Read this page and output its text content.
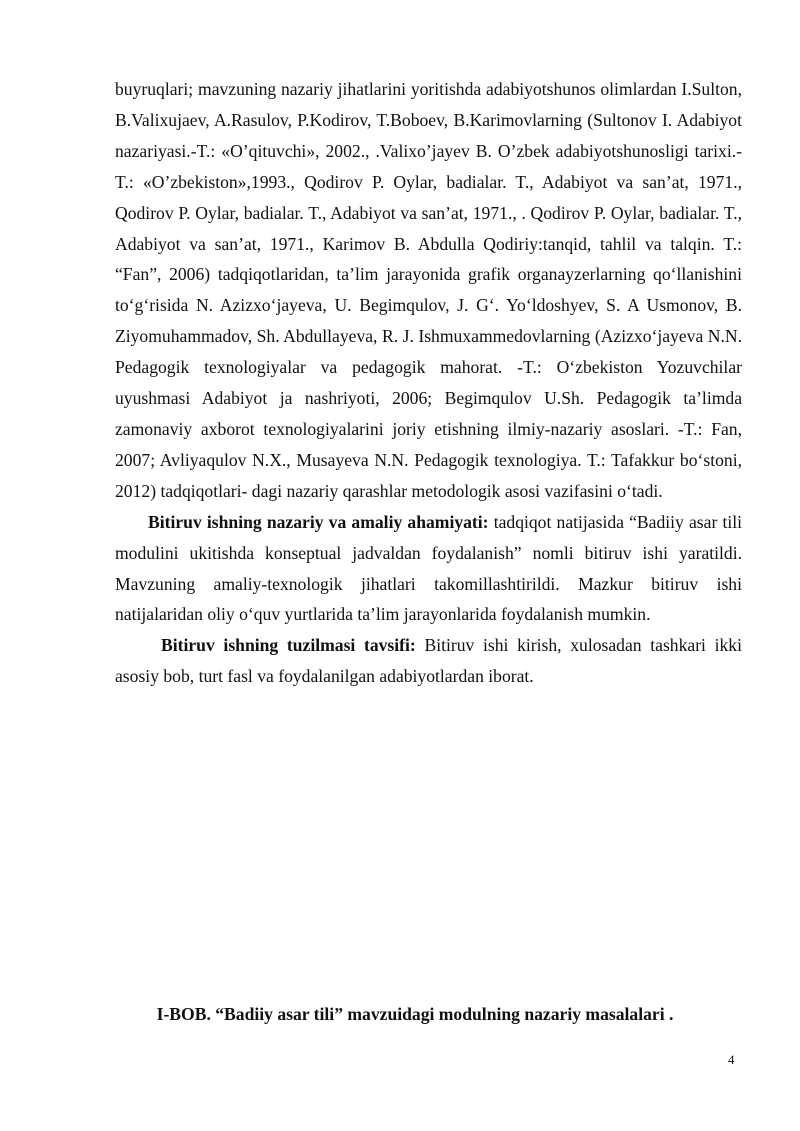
buyruqlari; mavzuning nazariy jihatlarini yoritishda adabiyotshunos olimlardan I.Sulton, B.Valixujaev, A.Rasulov, P.Kodirov, T.Boboev, B.Karimovlarning (Sultonov I. Adabiyot nazariyasi.-T.: «O’qituvchi», 2002., .Valixo’jayev B. O’zbek adabiyotshunosligi tarixi.-T.: «O’zbekiston»,1993., Qodirov P. Oylar, badialar. T., Adabiyot va san’at, 1971., Qodirov P. Oylar, badialar. T., Adabiyot va san’at, 1971., . Qodirov P. Oylar, badialar. T., Adabiyot va san’at, 1971., Karimov B. Abdulla Qodiriy:tanqid, tahlil va talqin. T.: “Fan”, 2006) tadqiqotlaridan, ta’lim jarayonida grafik organayzerlarning qo‘llanishini to‘g‘risida N. Azizxo‘jayeva, U. Begimqulov, J. G‘. Yo‘ldoshyev, S. A Usmonov, B. Ziyomuhammadov, Sh. Abdullayeva, R. J. Ishmuxammedovlarning (Azizxo‘jayeva N.N. Pedagogik texnologiyalar va pedagogik mahorat. -T.: O‘zbekiston Yozuvchilar uyushmasi Adabiyot ja nashriyoti, 2006; Begimqulov U.Sh. Pedagogik ta’limda zamonaviy axborot texnologiyalarini joriy etishning ilmiy-nazariy asoslari. -T.: Fan, 2007; Avliyaqulov N.X., Musayeva N.N. Pedagogik texnologiya. T.: Tafakkur bo‘stoni, 2012) tadqiqotlari- dagi nazariy qarashlar metodologik asosi vazifasini o‘tadi.

Bitiruv ishning nazariy va amaliy ahamiyati: tadqiqot natijasida “Badiiy asar tili modulini ukitishda konseptual jadvaldan foydalanish” nomli bitiruv ishi yaratildi. Mavzuning amaliy-texnologik jihatlari takomillashtirildi. Mazkur bitiruv ishi natijalaridan oliy o‘quv yurtlarida ta’lim jarayonlarida foydalanish mumkin.

Bitiruv ishning tuzilmasi tavsifi: Bitiruv ishi kirish, xulosadan tashkari ikki asosiy bob, turt fasl va foydalanilgan adabiyotlardan iborat.

I-BOB. “Badiiy asar tili” mavzuidagi modulning nazariy masalalari .
4
